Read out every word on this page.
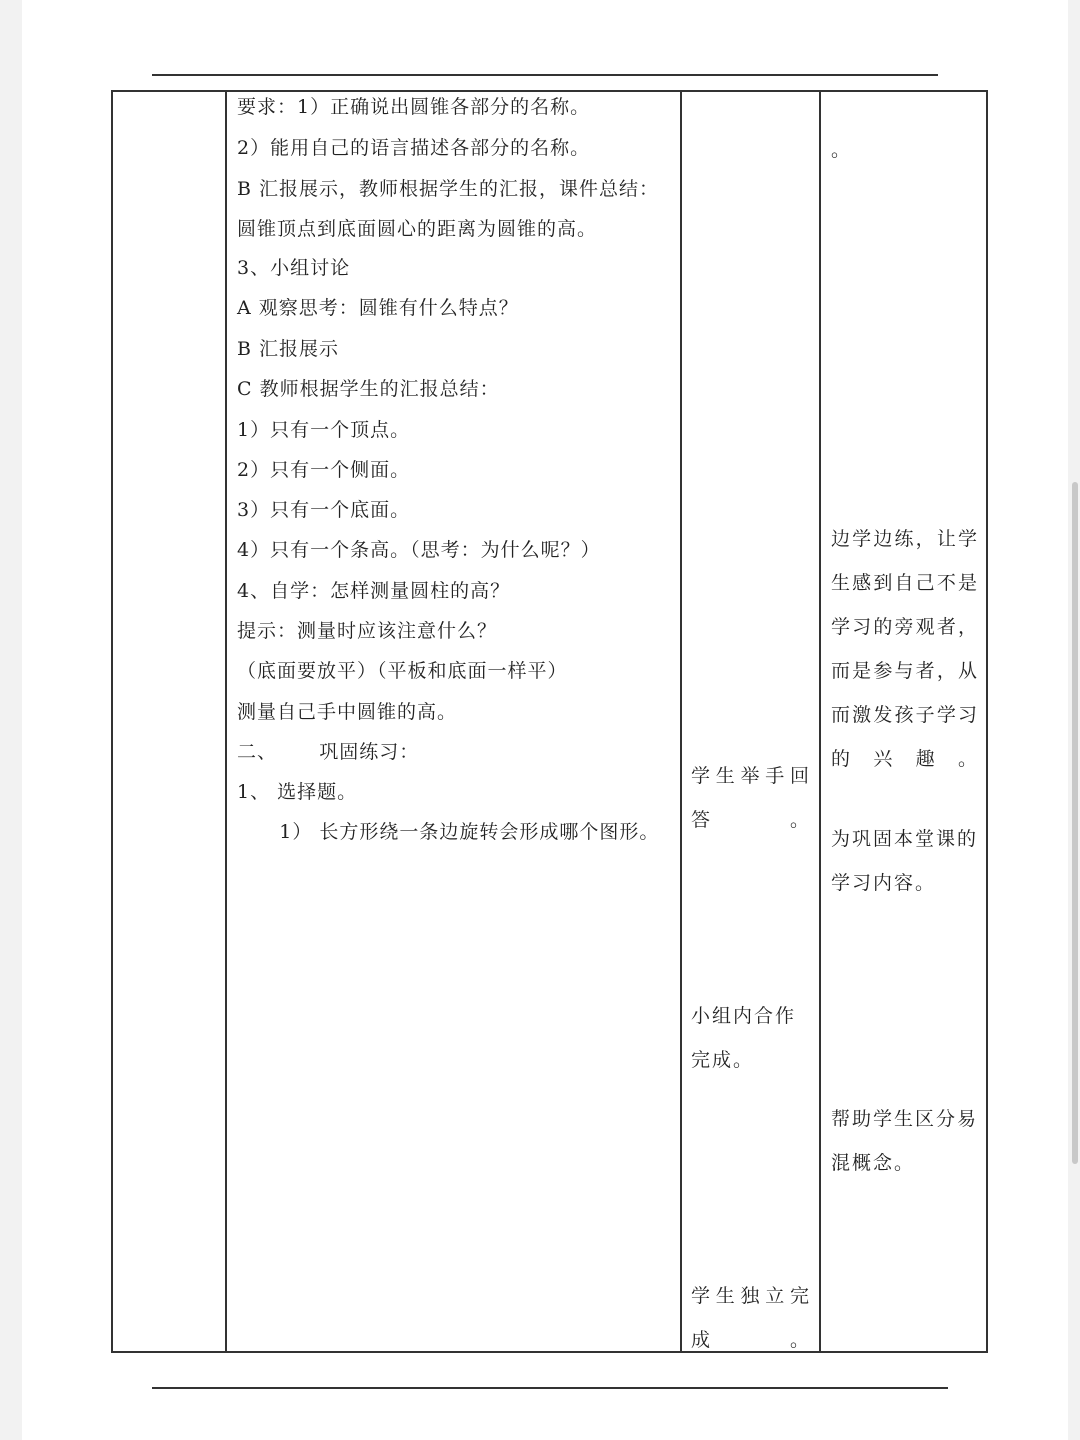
要求：1）正确说出圆锥各部分的名称。
2）能用自己的语言描述各部分的名称。
B 汇报展示，教师根据学生的汇报，课件总结：
圆锥顶点到底面圆心的距离为圆锥的高。
3、小组讨论
A 观察思考：圆锥有什么特点？
B 汇报展示
C 教师根据学生的汇报总结：
1）只有一个顶点。
2）只有一个侧面。
3）只有一个底面。
4）只有一个条高。（思考：为什么呢？）
4、自学：怎样测量圆柱的高？
提示：测量时应该注意什么？
（底面要放平）（平板和底面一样平）
测量自己手中圆锥的高。
二、      巩固练习：
1、 选择题。
1） 长方形绕一条边旋转会形成哪个图形。
学生举手回答。
小组内合作完成。
学生独立完成。
。
边学边练，让学生感到自己不是学习的旁观者，而是参与者，从而激发孩子学习的兴趣。
为巩固本堂课的学习内容。
帮助学生区分易混概念。
